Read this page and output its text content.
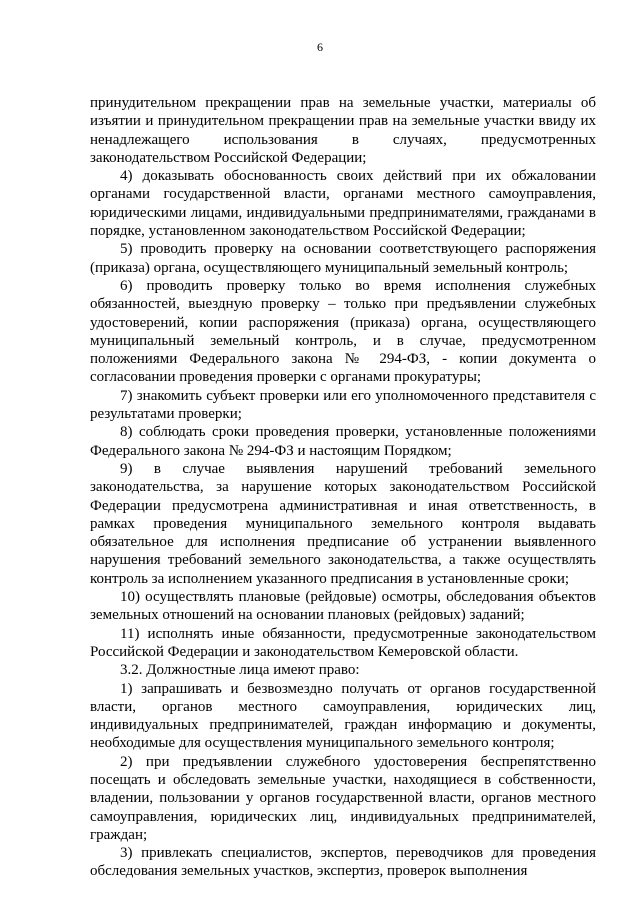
6

принудительном прекращении прав на земельные участки, материалы об изъятии и принудительном прекращении прав на земельные участки ввиду их ненадлежащего использования в случаях, предусмотренных законодательством Российской Федерации;

4) доказывать обоснованность своих действий при их обжаловании органами государственной власти, органами местного самоуправления, юридическими лицами, индивидуальными предпринимателями, гражданами в порядке, установленном законодательством Российской Федерации;

5) проводить проверку на основании соответствующего распоряжения (приказа) органа, осуществляющего муниципальный земельный контроль;

6) проводить проверку только во время исполнения служебных обязанностей, выездную проверку – только при предъявлении служебных удостоверений, копии распоряжения (приказа) органа, осуществляющего муниципальный земельный контроль, и в случае, предусмотренном положениями Федерального закона № 294-ФЗ, - копии документа о согласовании проведения проверки с органами прокуратуры;

7) знакомить субъект проверки или его уполномоченного представителя с результатами проверки;

8) соблюдать сроки проведения проверки, установленные положениями Федерального закона № 294-ФЗ и настоящим Порядком;

9) в случае выявления нарушений требований земельного законодательства, за нарушение которых законодательством Российской Федерации предусмотрена административная и иная ответственность, в рамках проведения муниципального земельного контроля выдавать обязательное для исполнения предписание об устранении выявленного нарушения требований земельного законодательства, а также осуществлять контроль за исполнением указанного предписания в установленные сроки;

10) осуществлять плановые (рейдовые) осмотры, обследования объектов земельных отношений на основании плановых (рейдовых) заданий;

11) исполнять иные обязанности, предусмотренные законодательством Российской Федерации и законодательством Кемеровской области.

3.2. Должностные лица имеют право:

1) запрашивать и безвозмездно получать от органов государственной власти, органов местного самоуправления, юридических лиц, индивидуальных предпринимателей, граждан информацию и документы, необходимые для осуществления муниципального земельного контроля;

2) при предъявлении служебного удостоверения беспрепятственно посещать и обследовать земельные участки, находящиеся в собственности, владении, пользовании у органов государственной власти, органов местного самоуправления, юридических лиц, индивидуальных предпринимателей, граждан;

3) привлекать специалистов, экспертов, переводчиков для проведения обследования земельных участков, экспертиз, проверок выполнения
